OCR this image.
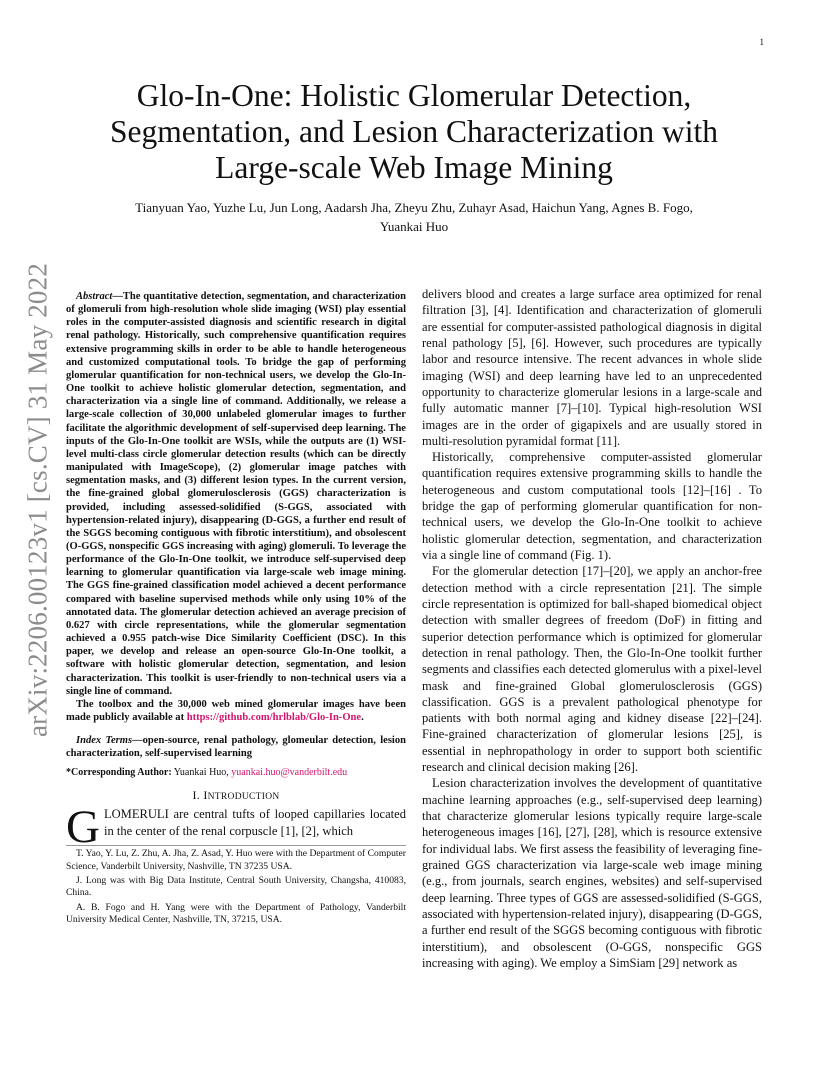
1
arXiv:2206.00123v1 [cs.CV] 31 May 2022
Glo-In-One: Holistic Glomerular Detection,
Segmentation, and Lesion Characterization with
Large-scale Web Image Mining
Tianyuan Yao, Yuzhe Lu, Jun Long, Aadarsh Jha, Zheyu Zhu, Zuhayr Asad, Haichun Yang, Agnes B. Fogo,
Yuankai Huo

Abstract—The quantitative detection, segmentation, and characterization of glomeruli from high-resolution whole slide imaging (WSI) play essential roles in the computer-assisted diagnosis and scientific research in digital renal pathology. Historically, such comprehensive quantification requires extensive programming skills in order to be able to handle heterogeneous and customized computational tools. To bridge the gap of performing glomerular quantification for non-technical users, we develop the Glo-In-One toolkit to achieve holistic glomerular detection, segmentation, and characterization via a single line of command. Additionally, we release a large-scale collection of 30,000 unlabeled glomerular images to further facilitate the algorithmic development of self-supervised deep learning. The inputs of the Glo-In-One toolkit are WSIs, while the outputs are (1) WSI-level multi-class circle glomerular detection results (which can be directly manipulated with ImageScope), (2) glomerular image patches with segmentation masks, and (3) different lesion types. In the current version, the fine-grained global glomerulosclerosis (GGS) characterization is provided, including assessed-solidified (S-GGS, associated with hypertension-related injury), disappearing (D-GGS, a further end result of the SGGS becoming contiguous with fibrotic interstitium), and obsolescent (O-GGS, nonspecific GGS increasing with aging) glomeruli. To leverage the performance of the Glo-In-One toolkit, we introduce self-supervised deep learning to glomerular quantification via large-scale web image mining. The GGS fine-grained classification model achieved a decent performance compared with baseline supervised methods while only using 10% of the annotated data. The glomerular detection achieved an average precision of 0.627 with circle representations, while the glomerular segmentation achieved a 0.955 patch-wise Dice Similarity Coefficient (DSC). In this paper, we develop and release an open-source Glo-In-One toolkit, a software with holistic glomerular detection, segmentation, and lesion characterization. This toolkit is user-friendly to non-technical users via a single line of command.

The toolbox and the 30,000 web mined glomerular images have been made publicly available at https://github.com/hrlblab/Glo-In-One.

Index Terms—open-source, renal pathology, glomeular detection, lesion characterization, self-supervised learning

*Corresponding Author: Yuankai Huo, yuankai.huo@vanderbilt.edu

I. INTRODUCTION

GLOMERULI are central tufts of looped capillaries located in the center of the renal corpuscle [1], [2], which

T. Yao, Y. Lu, Z. Zhu, A. Jha, Z. Asad, Y. Huo were with the Department of Computer Science, Vanderbilt University, Nashville, TN 37235 USA.

J. Long was with Big Data Institute, Central South University, Changsha, 410083, China.

A. B. Fogo and H. Yang were with the Department of Pathology, Vanderbilt University Medical Center, Nashville, TN, 37215, USA.

delivers blood and creates a large surface area optimized for renal filtration [3], [4]. Identification and characterization of glomeruli are essential for computer-assisted pathological diagnosis in digital renal pathology [5], [6]. However, such procedures are typically labor and resource intensive. The recent advances in whole slide imaging (WSI) and deep learning have led to an unprecedented opportunity to characterize glomerular lesions in a large-scale and fully automatic manner [7]–[10]. Typical high-resolution WSI images are in the order of gigapixels and are usually stored in multi-resolution pyramidal format [11].

Historically, comprehensive computer-assisted glomerular quantification requires extensive programming skills to handle the heterogeneous and custom computational tools [12]–[16] . To bridge the gap of performing glomerular quantification for non-technical users, we develop the Glo-In-One toolkit to achieve holistic glomerular detection, segmentation, and characterization via a single line of command (Fig. 1).

For the glomerular detection [17]–[20], we apply an anchor-free detection method with a circle representation [21]. The simple circle representation is optimized for ball-shaped biomedical object detection with smaller degrees of freedom (DoF) in fitting and superior detection performance which is optimized for glomerular detection in renal pathology. Then, the Glo-In-One toolkit further segments and classifies each detected glomerulus with a pixel-level mask and fine-grained Global glomerulosclerosis (GGS) classification. GGS is a prevalent pathological phenotype for patients with both normal aging and kidney disease [22]–[24]. Fine-grained characterization of glomerular lesions [25], is essential in nephropathology in order to support both scientific research and clinical decision making [26].

Lesion characterization involves the development of quantitative machine learning approaches (e.g., self-supervised deep learning) that characterize glomerular lesions typically require large-scale heterogeneous images [16], [27], [28], which is resource extensive for individual labs. We first assess the feasibility of leveraging fine-grained GGS characterization via large-scale web image mining (e.g., from journals, search engines, websites) and self-supervised deep learning. Three types of GGS are assessed-solidified (S-GGS, associated with hypertension-related injury), disappearing (D-GGS, a further end result of the SGGS becoming contiguous with fibrotic interstitium), and obsolescent (O-GGS, nonspecific GGS increasing with aging). We employ a SimSiam [29] network as
